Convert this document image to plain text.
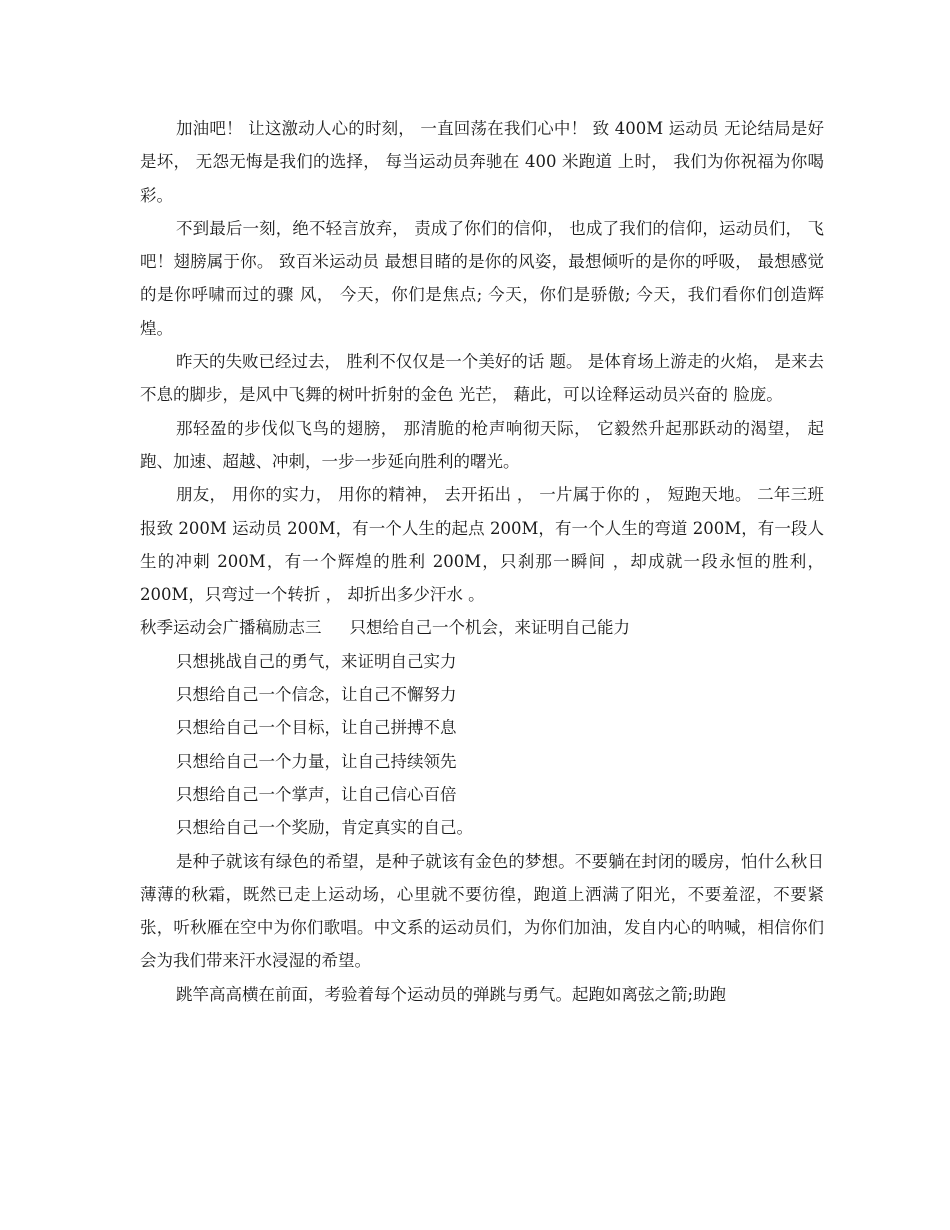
加油吧！ 让这激动人心的时刻， 一直回荡在我们心中！ 致 400M 运动员 无论结局是好是坏， 无怨无悔是我们的选择， 每当运动员奔驰在 400 米跑道 上时， 我们为你祝福为你喝彩。

不到最后一刻，绝不轻言放弃， 责成了你们的信仰， 也成了我们的信仰，运动员们， 飞吧！翅膀属于你。 致百米运动员 最想目睹的是你的风姿，最想倾听的是你的呼吸， 最想感觉的是你呼啸而过的骤 风， 今天，你们是焦点; 今天，你们是骄傲; 今天，我们看你们创造辉煌。

昨天的失败已经过去， 胜利不仅仅是一个美好的话 题。 是体育场上游走的火焰， 是来去不息的脚步，是风中飞舞的树叶折射的金色 光芒， 藉此，可以诠释运动员兴奋的 脸庞。

那轻盈的步伐似飞鸟的翅膀， 那清脆的枪声响彻天际， 它毅然升起那跃动的渴望， 起跑、加速、超越、冲刺，一步一步延向胜利的曙光。

朋友， 用你的实力， 用你的精神， 去开拓出 ， 一片属于你的 ， 短跑天地。 二年三班报致 200M 运动员 200M，有一个人生的起点 200M，有一个人生的弯道 200M，有一段人生的冲刺 200M，有一个辉煌的胜利 200M，只刹那一瞬间 ，却成就一段永恒的胜利， 200M，只弯过一个转折 ， 却折出多少汗水 。

秋季运动会广播稿励志三 只想给自己一个机会，来证明自己能力

只想挑战自己的勇气，来证明自己实力

只想给自己一个信念，让自己不懈努力

只想给自己一个目标，让自己拼搏不息

只想给自己一个力量，让自己持续领先

只想给自己一个掌声，让自己信心百倍

只想给自己一个奖励，肯定真实的自己。

是种子就该有绿色的希望，是种子就该有金色的梦想。不要躺在封闭的暖房，怕什么秋日薄薄的秋霜，既然已走上运动场，心里就不要彷徨，跑道上洒满了阳光，不要羞涩，不要紧张，听秋雁在空中为你们歌唱。中文系的运动员们，为你们加油，发自内心的呐喊，相信你们会为我们带来汗水浸湿的希望。

跳竿高高横在前面，考验着每个运动员的弹跳与勇气。起跑如离弦之箭;助跑
